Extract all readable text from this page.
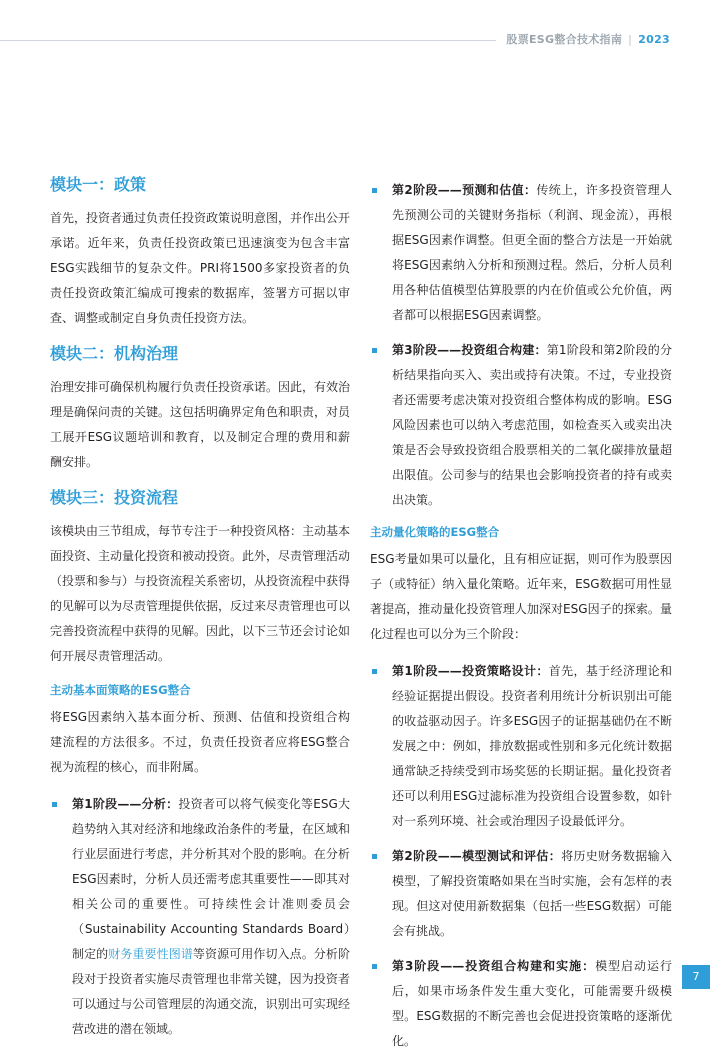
股票ESG整合技术指南 | 2023
模块一：政策

首先，投资者通过负责任投资政策说明意图，并作出公开承诺。近年来，负责任投资政策已迅速演变为包含丰富ESG实践细节的复杂文件。PRI将1500多家投资者的负责任投资政策汇编成可搜索的数据库，签署方可据以审查、调整或制定自身负责任投资方法。

模块二：机构治理

治理安排可确保机构履行负责任投资承诺。因此，有效治理是确保问责的关键。这包括明确界定角色和职责，对员工展开ESG议题培训和教育，以及制定合理的费用和薪酬安排。

模块三：投资流程

该模块由三节组成，每节专注于一种投资风格：主动基本面投资、主动量化投资和被动投资。此外，尽责管理活动（投票和参与）与投资流程关系密切，从投资流程中获得的见解可以为尽责管理提供依据，反过来尽责管理也可以完善投资流程中获得的见解。因此，以下三节还会讨论如何开展尽责管理活动。

主动基本面策略的ESG整合

将ESG因素纳入基本面分析、预测、估值和投资组合构建流程的方法很多。不过，负责任投资者应将ESG整合视为流程的核心，而非附属。

第1阶段——分析：投资者可以将气候变化等ESG大趋势纳入其对经济和地缘政治条件的考量，在区域和行业层面进行考虑，并分析其对个股的影响。在分析ESG因素时，分析人员还需考虑其重要性——即其对相关公司的重要性。可持续性会计准则委员会（Sustainability Accounting Standards Board）制定的财务重要性图谱等资源可用作切入点。分析阶段对于投资者实施尽责管理也非常关键，因为投资者可以通过与公司管理层的沟通交流，识别出可实现经营改进的潜在领域。
第2阶段——预测和估值：传统上，许多投资管理人先预测公司的关键财务指标（利润、现金流），再根据ESG因素作调整。但更全面的整合方法是一开始就将ESG因素纳入分析和预测过程。然后，分析人员利用各种估值模型估算股票的内在价值或公允价值，两者都可以根据ESG因素调整。
第3阶段——投资组合构建：第1阶段和第2阶段的分析结果指向买入、卖出或持有决策。不过，专业投资者还需要考虑决策对投资组合整体构成的影响。ESG风险因素也可以纳入考虑范围，如检查买入或卖出决策是否会导致投资组合股票相关的二氧化碳排放量超出限值。公司参与的结果也会影响投资者的持有或卖出决策。
主动量化策略的ESG整合

ESG考量如果可以量化，且有相应证据，则可作为股票因子（或特征）纳入量化策略。近年来，ESG数据可用性显著提高，推动量化投资管理人加深对ESG因子的探索。量化过程也可以分为三个阶段：

第1阶段——投资策略设计：首先，基于经济理论和经验证据提出假设。投资者利用统计分析识别出可能的收益驱动因子。许多ESG因子的证据基础仍在不断发展之中：例如，排放数据或性别和多元化统计数据通常缺乏持续受到市场奖惩的长期证据。量化投资者还可以利用ESG过滤标准为投资组合设置参数，如针对一系列环境、社会或治理因子设最低评分。
第2阶段——模型测试和评估：将历史财务数据输入模型，了解投资策略如果在当时实施，会有怎样的表现。但这对使用新数据集（包括一些ESG数据）可能会有挑战。
第3阶段——投资组合构建和实施：模型启动运行后，如果市场条件发生重大变化，可能需要升级模型。ESG数据的不断完善也会促进投资策略的逐渐优化。
7
